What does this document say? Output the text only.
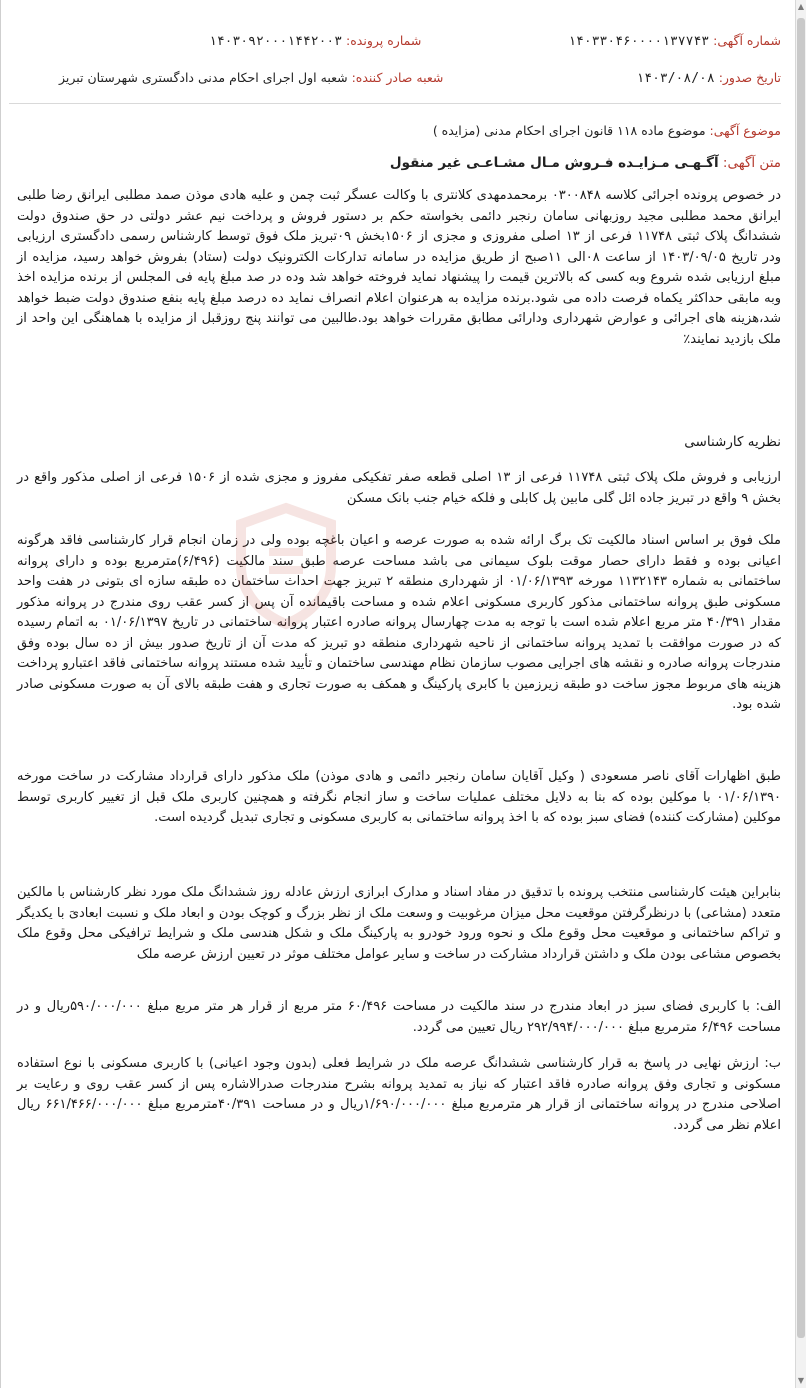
شماره آگهی: ۱۴۰۳۳۰۴۶۰۰۰۰۱۳۷۷۴۳
شماره پرونده: ۱۴۰۳۰۹۲۰۰۰۱۴۴۲۰۰۳
تاریخ صدور: ۱۴۰۳/۰۸/۰۸
شعبه صادر کننده: شعبه اول اجرای احکام مدنی دادگستری شهرستان تبریز
موضوع آگهی: موضوع ماده ۱۱۸ قانون اجرای احکام مدنی (مزایده )
متن آگهی: آگـهـی مـزایـده فـروش مـال مشـاعـی غیر منقول

در خصوص پرونده اجرائی کلاسه ۰۳۰۰۸۴۸ برمحمدمهدی کلانتری با وکالت عسگر ثبت چمن و علیه هادی موذن صمد مطلبی ایرانق رضا طلبی ایرانق محمد مطلبی مجید روزبهانی سامان رنجبر دائمی بخواسته حکم بر دستور فروش و پرداخت نیم عشر دولتی در حق صندوق دولت ششدانگ پلاک ثبتی ۱۱۷۴۸ فرعی از ۱۳ اصلی مفروزی و مجزی از ۱۵۰۶بخش ۰۹تبریز ملک فوق توسط کارشناس رسمی دادگستری ارزیابی ودر تاریخ ۱۴۰۳/۰۹/۰۵ از ساعت ۰۸الی ۱۱صبح از طریق مزایده در سامانه تدارکات الکترونیک دولت (ستاد) بفروش خواهد رسید، مزایده از مبلغ ارزیابی شده شروع وبه کسی که بالاترین قیمت را پیشنهاد نماید فروخته خواهد شد وده در صد مبلغ پایه فی المجلس از برنده مزایده اخذ وبه مابقی حداکثر یکماه فرصت داده می شود.برنده مزایده به هرعنوان اعلام انصراف نماید ده درصد مبلغ پایه بنفع صندوق دولت ضبط خواهد شد،هزینه های اجرائی و عوارض شهرداری ودارائی مطابق مقررات خواهد بود.طالبین می توانند پنج روزقبل از مزایده با هماهنگی این واحد از ملک بازدید نمایند٪

نظریه کارشناسی

ارزیابی و فروش ملک پلاک ثبتی ۱۱۷۴۸ فرعی از ۱۳ اصلی قطعه صفر تفکیکی مفروز و مجزی شده از ۱۵۰۶ فرعی از اصلی مذکور واقع در بخش ۹ واقع در تبریز جاده ائل گلی مابین پل کابلی و فلکه خیام جنب بانک مسکن

ملک فوق بر اساس اسناد مالکیت تک برگ ارائه شده به صورت عرصه و اعیان باغچه بوده ولی در زمان انجام قرار کارشناسی فاقد هرگونه اعیانی بوده و فقط دارای حصار موقت بلوک سیمانی می باشد مساحت عرصه طبق سند مالکیت (۶/۴۹۶)مترمربع بوده و دارای پروانه ساختمانی به شماره ۱۱۳۲۱۴۳ مورخه ۰۱/۰۶/۱۳۹۳ از شهرداری منطقه ۲ تبریز جهت احداث ساختمان ده طبقه سازه ای بتونی در هفت واحد مسکونی طبق پروانه ساختمانی مذکور کاربری مسکونی اعلام شده و مساحت باقیمانده آن پس از کسر عقب روی مندرج در پروانه مذکور مقدار ۴۰/۳۹۱ متر مربع اعلام شده است با توجه به مدت چهارسال پروانه صادره اعتبار پروانه ساختمانی در تاریخ ۰۱/۰۶/۱۳۹۷ به اتمام رسیده که در صورت موافقت با تمدید پروانه ساختمانی از ناحیه شهرداری منطقه دو تبریز که مدت آن از تاریخ صدور بیش از ده سال بوده وفق مندرجات پروانه صادره و نقشه های اجرایی مصوب سازمان نظام مهندسی ساختمان و تأیید شده مستند پروانه ساختمانی فاقد اعتبارو پرداخت هزینه های مربوط مجوز ساخت دو طبقه زیرزمین با کابری پارکینگ و همکف به صورت تجاری و هفت طبقه بالای آن به صورت مسکونی صادر شده بود.

طبق اظهارات آقای ناصر مسعودی ( وکیل آقایان سامان رنجبر دائمی و هادی موذن) ملک مذکور دارای قرارداد مشارکت در ساخت مورخه ۰۱/۰۶/۱۳۹۰ با موکلین بوده که بنا به دلایل مختلف عملیات ساخت و ساز انجام نگرفته و همچنین کاربری ملک قبل از تغییر کاربری توسط موکلین (مشارکت کننده) فضای سبز بوده که با اخذ پروانه ساختمانی به کاربری مسکونی و تجاری تبدیل گردیده است.

بنابراین هیئت کارشناسی منتخب پرونده با تدقیق در مفاد اسناد و مدارک ابرازی ارزش عادله روز ششدانگ ملک مورد نظر کارشناس با مالکین متعدد (مشاعی) با درنظرگرفتن موقعیت محل میزان مرغوبیت و وسعت ملک از نظر بزرگ و کوچک بودن و ابعاد ملک و نسبت ابعادیَ با یکدیگر و تراکم ساختمانی و موقعیت محل وقوع ملک و نحوه ورود خودرو به پارکینگ ملک و شکل هندسی ملک و شرایط ترافیکی محل وقوع ملک بخصوص مشاعی بودن ملک و داشتن قرارداد مشارکت در ساخت و سایر عوامل مختلف موثر در تعیین ارزش عرصه ملک

الف: با کاربری فضای سبز در ابعاد مندرج در سند مالکیت در مساحت ۶۰/۴۹۶ متر مربع از قرار هر متر مربع مبلغ ۵۹۰/۰۰۰/۰۰۰ریال و در مساحت ۶/۴۹۶ مترمربع مبلغ ۲۹۲/۹۹۴/۰۰۰/۰۰۰ ریال تعیین می گردد.

ب: ارزش نهایی در پاسخ به قرار کارشناسی ششدانگ عرصه ملک در شرایط فعلی (بدون وجود اعیانی) با کاربری مسکونی با نوع استفاده مسکونی و تجاری وفق پروانه صادره فاقد اعتبار که نیاز به تمدید پروانه بشرح مندرجات صدرالاشاره پس از کسر عقب روی و رعایت بر اصلاحی مندرج در پروانه ساختمانی از قرار هر مترمربع مبلغ ۱/۶۹۰/۰۰۰/۰۰۰ریال و در مساحت ۴۰/۳۹۱مترمربع مبلغ ۶۶۱/۴۶۶/۰۰۰/۰۰۰ ریال اعلام نظر می گردد.

▲
▼
